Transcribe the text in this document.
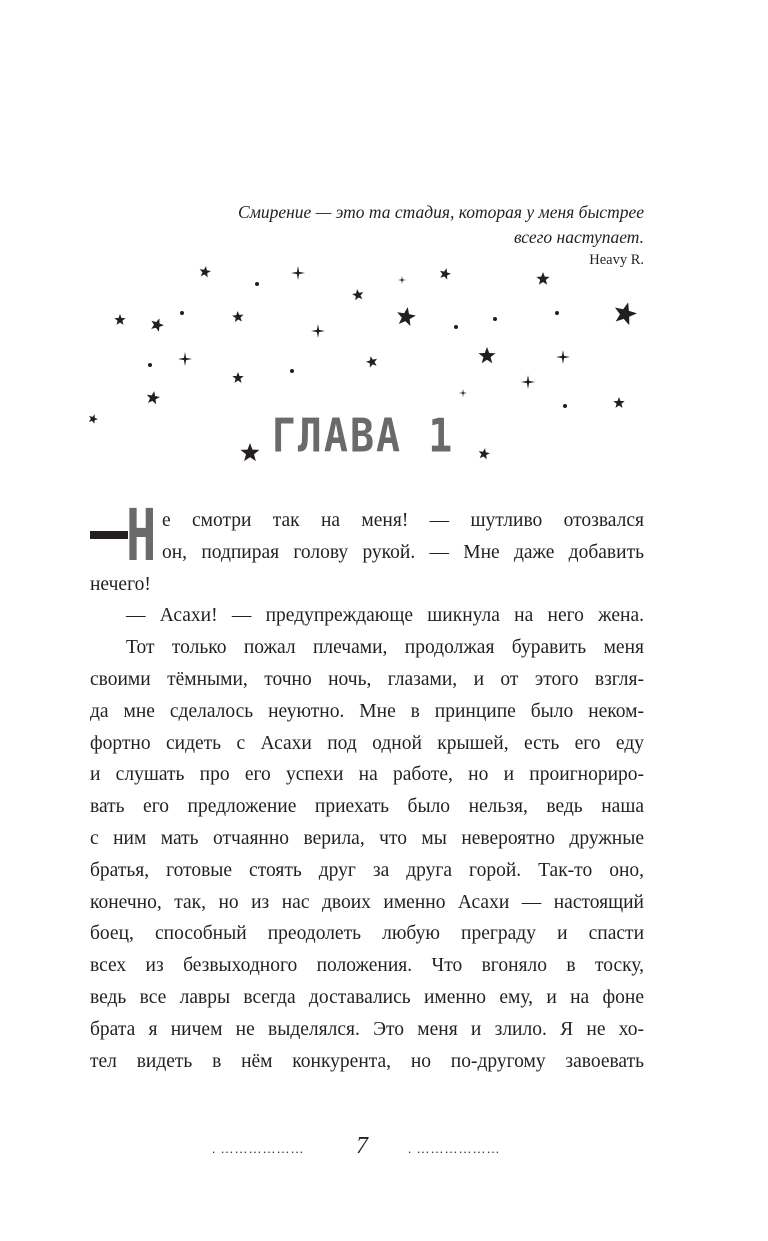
Смирение — это та стадия, которая у меня быстрее
всего наступает.
Heavy R.
ГЛАВА 1
Н е смотри так на меня! — шутливо отозвался
он, подпирая голову рукой. — Мне даже добавить
нечего!
— Асахи! — предупреждающе шикнула на него жена.
Тот только пожал плечами, продолжая буравить меня
своими тёмными, точно ночь, глазами, и от этого взгля-
да мне сделалось неуютно. Мне в принципе было неком-
фортно сидеть с Асахи под одной крышей, есть его еду
и слушать про его успехи на работе, но и проигнориро-
вать его предложение приехать было нельзя, ведь наша
с ним мать отчаянно верила, что мы невероятно дружные
братья, готовые стоять друг за друга горой. Так-то оно,
конечно, так, но из нас двоих именно Асахи — настоящий
боец, способный преодолеть любую преграду и спасти
всех из безвыходного положения. Что вгоняло в тоску,
ведь все лавры всегда доставались именно ему, и на фоне
брата я ничем не выделялся. Это меня и злило. Я не хо-
тел видеть в нём конкурента, но по-другому завоевать
. ……………… 7	. ………………
